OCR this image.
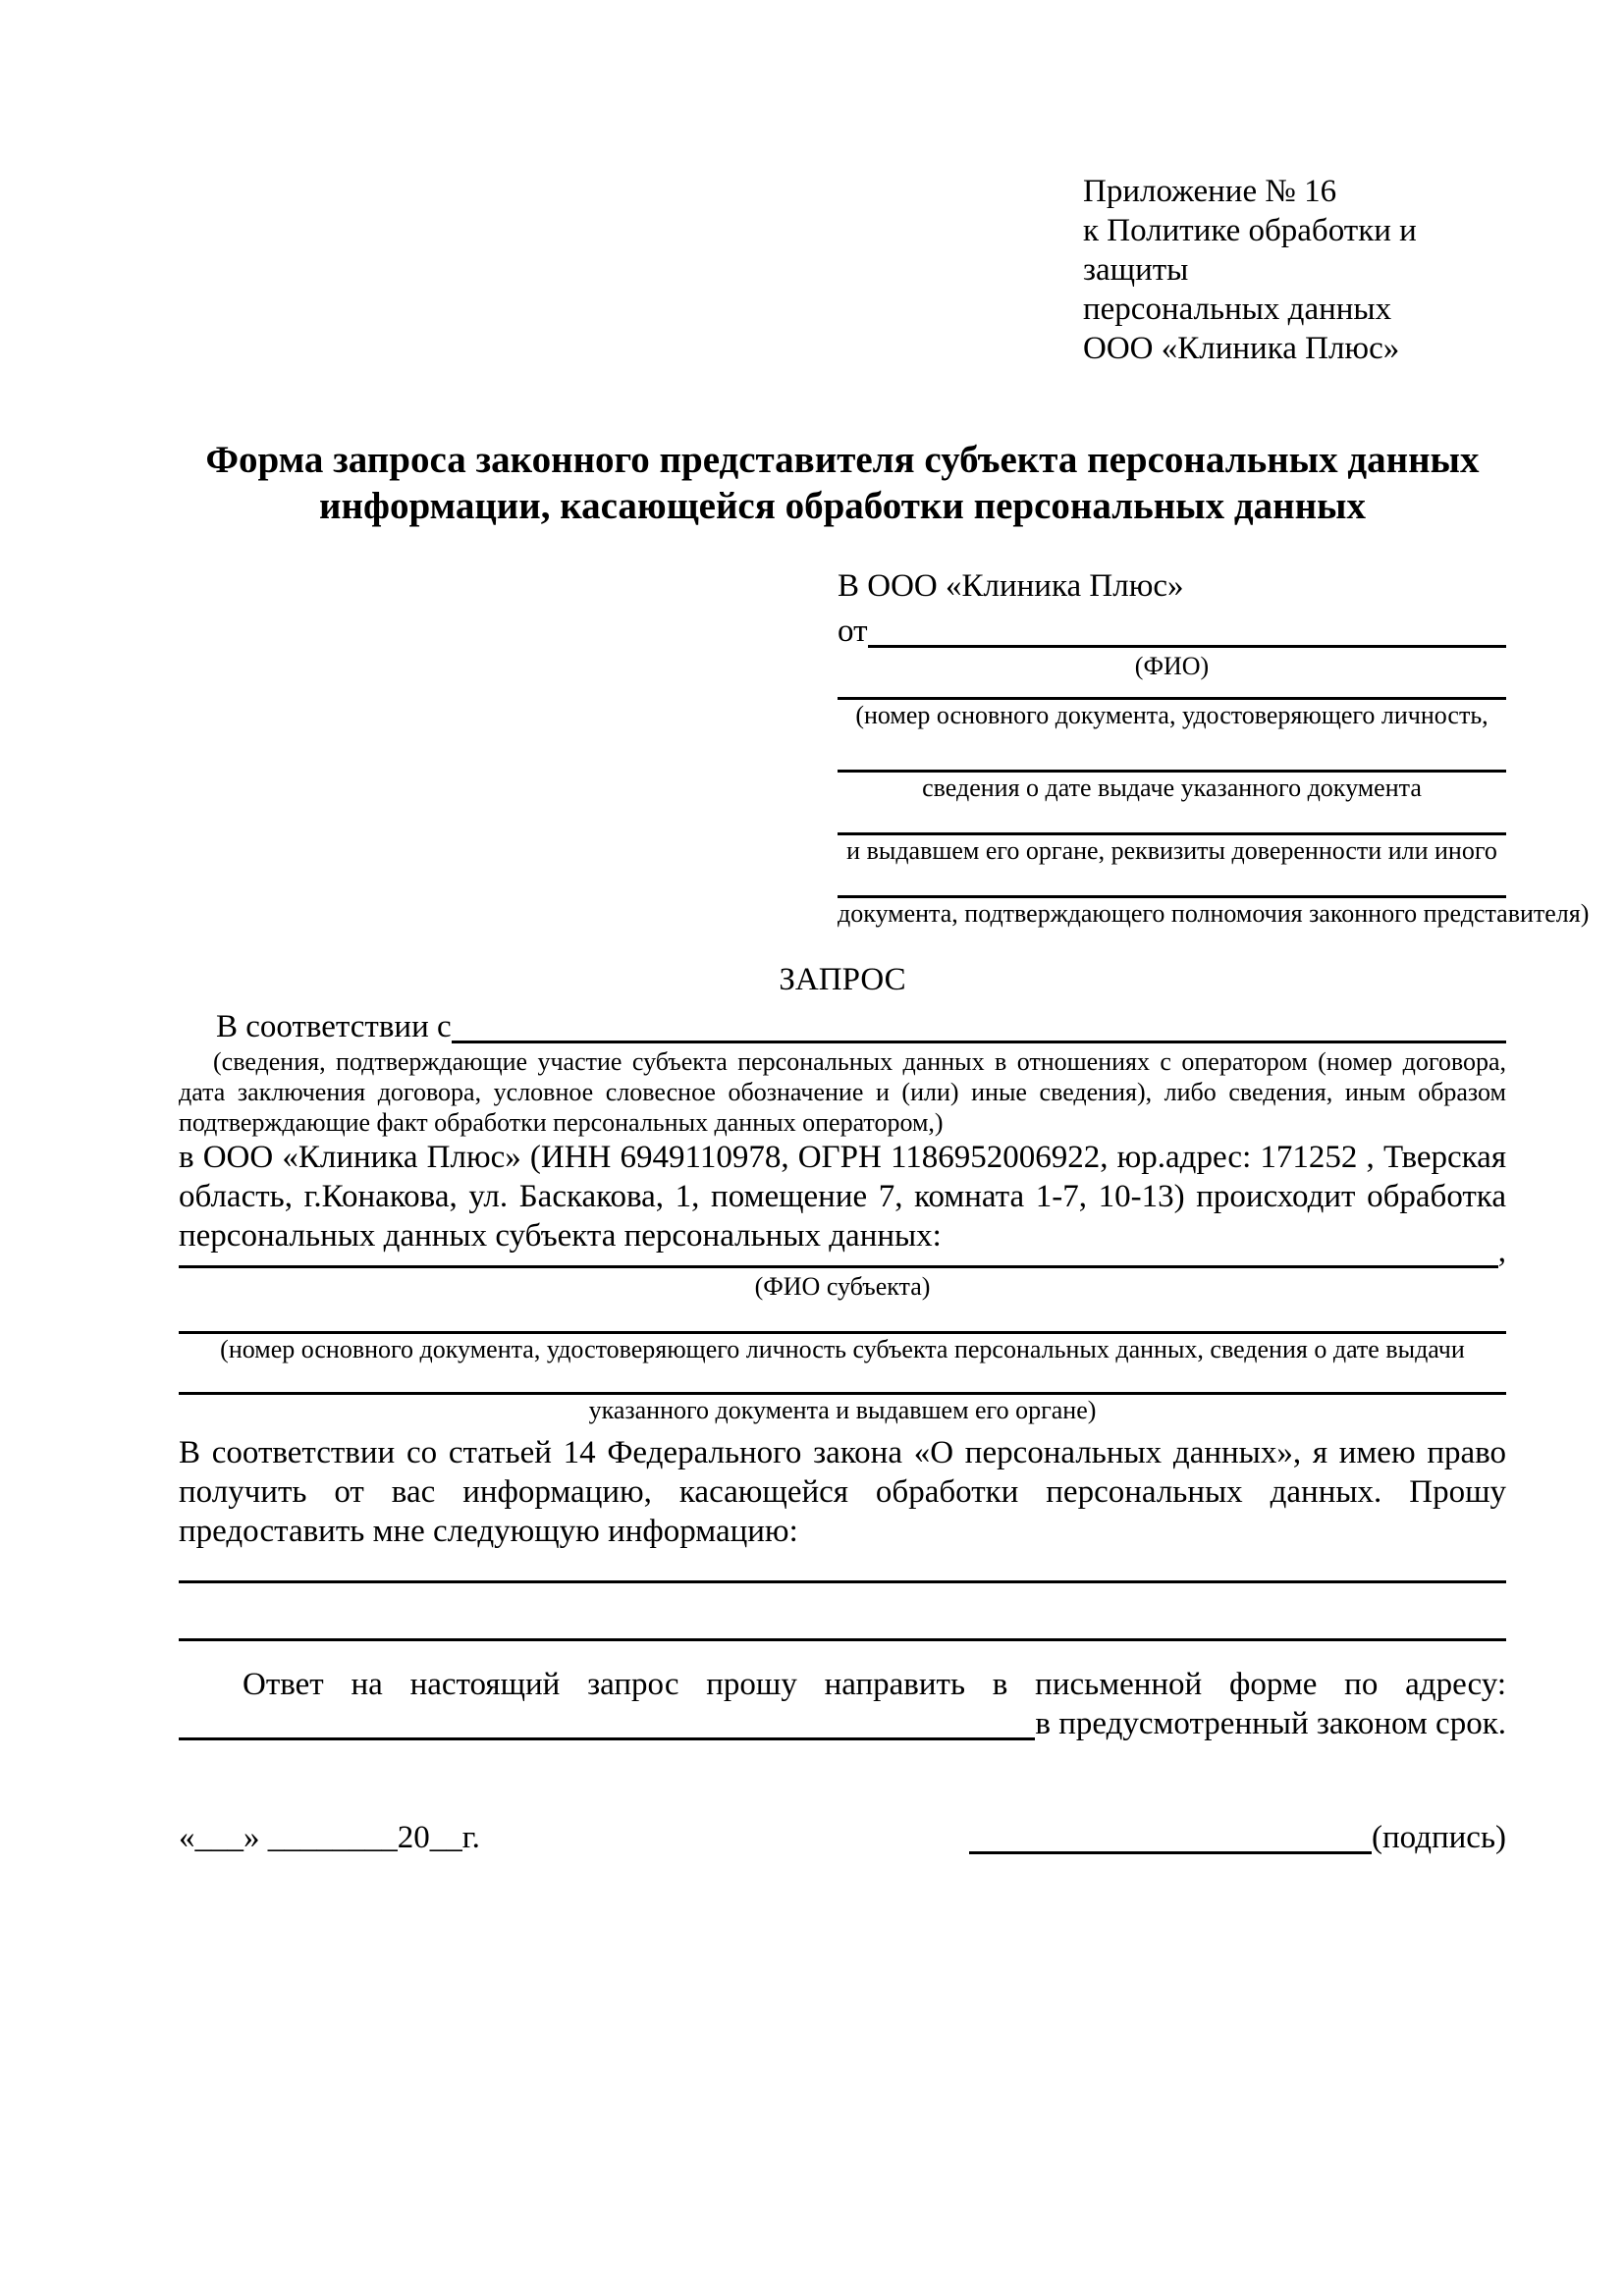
Приложение № 16
к Политике обработки и защиты
персональных данных
ООО «Клиника Плюс»
Форма запроса законного представителя субъекта персональных данных информации, касающейся обработки персональных данных
В ООО «Клиника Плюс»
от
(ФИО)
(номер основного документа, удостоверяющего личность,
сведения о дате выдаче указанного документа
и выдавшем его органе, реквизиты доверенности или иного
документа, подтверждающего полномочия законного представителя)
ЗАПРОС
В соответствии с
(сведения, подтверждающие участие субъекта персональных данных в отношениях с оператором (номер договора, дата заключения договора, условное словесное обозначение и (или) иные сведения), либо сведения, иным образом подтверждающие факт обработки персональных данных оператором,)
в ООО «Клиника Плюс» (ИНН 6949110978, ОГРН 1186952006922, юр.адрес: 171252 , Тверская область, г.Конакова, ул. Баскакова, 1, помещение 7, комната 1-7, 10-13) происходит обработка персональных данных субъекта персональных данных:	,
(ФИО субъекта)
(номер основного документа, удостоверяющего личность субъекта персональных данных, сведения о дате выдачи
указанного документа и выдавшем его органе)
В соответствии со статьей 14 Федерального закона «О персональных данных», я имею право получить от вас информацию, касающейся обработки персональных данных. Прошу предоставить мне следующую информацию:
Ответ на настоящий запрос прошу направить в письменной форме по адресу:
в предусмотренный законом срок.
«___» ________20__г.	(подпись)
